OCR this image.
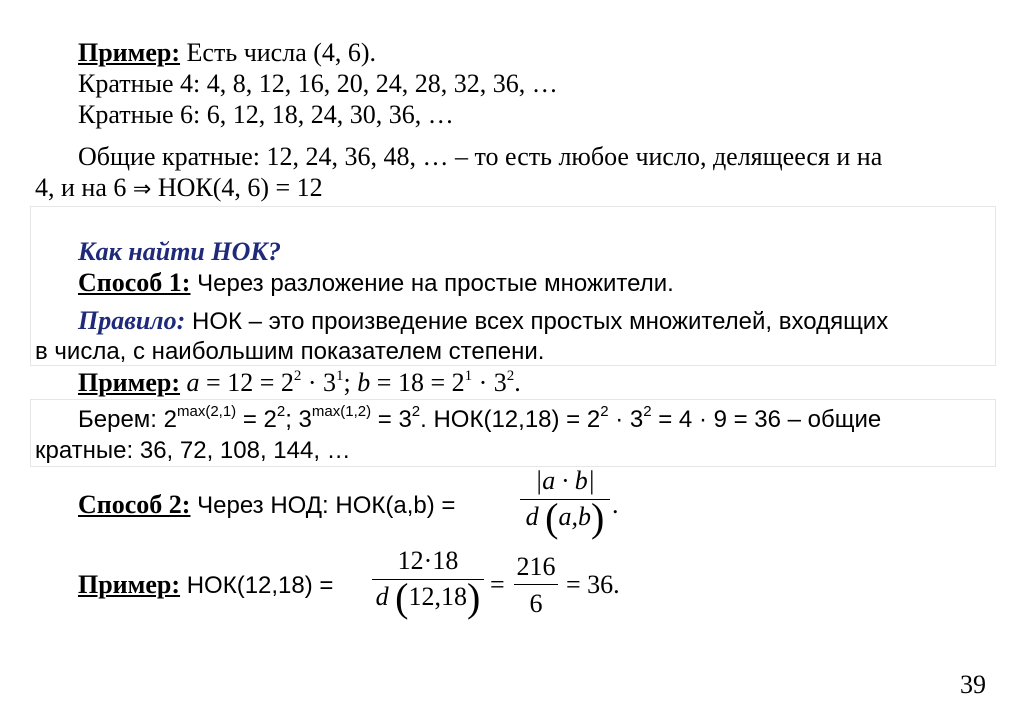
Пример: Есть числа (4, 6).
Кратные 4: 4, 8, 12, 16, 20, 24, 28, 32, 36, …
Кратные 6: 6, 12, 18, 24, 30, 36, …
Общие кратные: 12, 24, 36, 48, … – то есть любое число, делящееся и на
4, и на 6 ⇒ НОК(4, 6) = 12
Как найти НОК?
Способ 1: Через разложение на простые множители.
Правило: НОК – это произведение всех простых множителей, входящих
в числа, с наибольшим показателем степени.
Пример: $a = 12 = 2^2 \cdot 3^1$; $b = 18 = 2^1 \cdot 3^2$.
Берем: $2^{max(2,1)} = 2^2$; $3^{max(1,2)} = 3^2$. $НОК(12,18) = 2^2 \cdot 3^2 = 4 \cdot 9 = 36$ – общие
кратные: 36, 72, 108, 144, …
Способ 2: Через НОД: НОК(a,b) =
|a · b|
d (a,b) .
Пример: НОК(12,18) =
12·18
d (12,18) =
216
6
= 36.
39
